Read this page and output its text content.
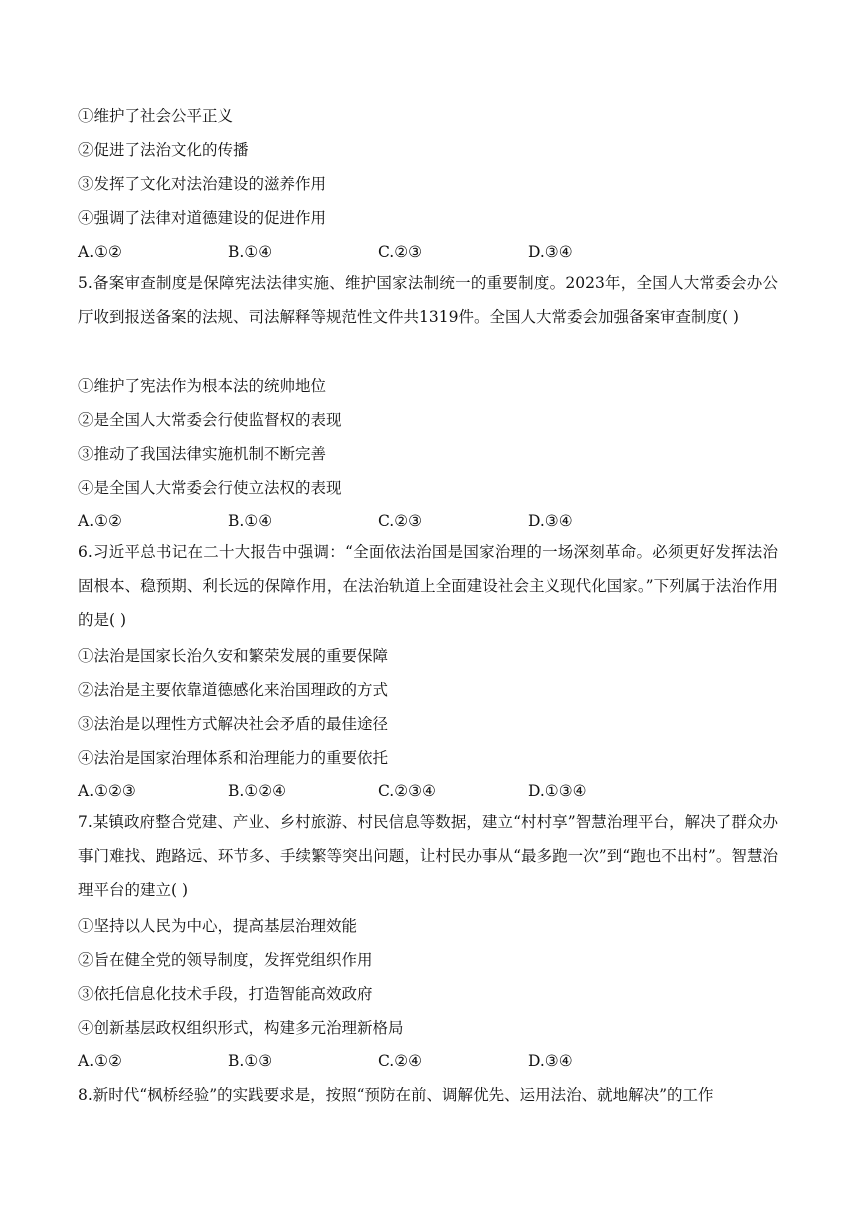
①维护了社会公平正义
②促进了法治文化的传播
③发挥了文化对法治建设的滋养作用
④强调了法律对道德建设的促进作用
A.①②	B.①④	C.②③	D.③④
5.备案审查制度是保障宪法法律实施、维护国家法制统一的重要制度。2023年，全国人大常委会办公厅收到报送备案的法规、司法解释等规范性文件共1319件。全国人大常委会加强备案审查制度( )
①维护了宪法作为根本法的统帅地位
②是全国人大常委会行使监督权的表现
③推动了我国法律实施机制不断完善
④是全国人大常委会行使立法权的表现
A.①②	B.①④	C.②③	D.③④
6.习近平总书记在二十大报告中强调：“全面依法治国是国家治理的一场深刻革命。必须更好发挥法治固根本、稳预期、利长远的保障作用，在法治轨道上全面建设社会主义现代化国家。”下列属于法治作用的是( )
①法治是国家长治久安和繁荣发展的重要保障
②法治是主要依靠道德感化来治国理政的方式
③法治是以理性方式解决社会矛盾的最佳途径
④法治是国家治理体系和治理能力的重要依托
A.①②③	B.①②④	C.②③④	D.①③④
7.某镇政府整合党建、产业、乡村旅游、村民信息等数据，建立“村村享”智慧治理平台，解决了群众办事门难找、跑路远、环节多、手续繁等突出问题，让村民办事从“最多跑一次”到“跑也不出村”。智慧治理平台的建立( )
①坚持以人民为中心，提高基层治理效能
②旨在健全党的领导制度，发挥党组织作用
③依托信息化技术手段，打造智能高效政府
④创新基层政权组织形式，构建多元治理新格局
A.①②	B.①③	C.②④	D.③④
8.新时代“枫桥经验”的实践要求是，按照“预防在前、调解优先、运用法治、就地解决”的工作
